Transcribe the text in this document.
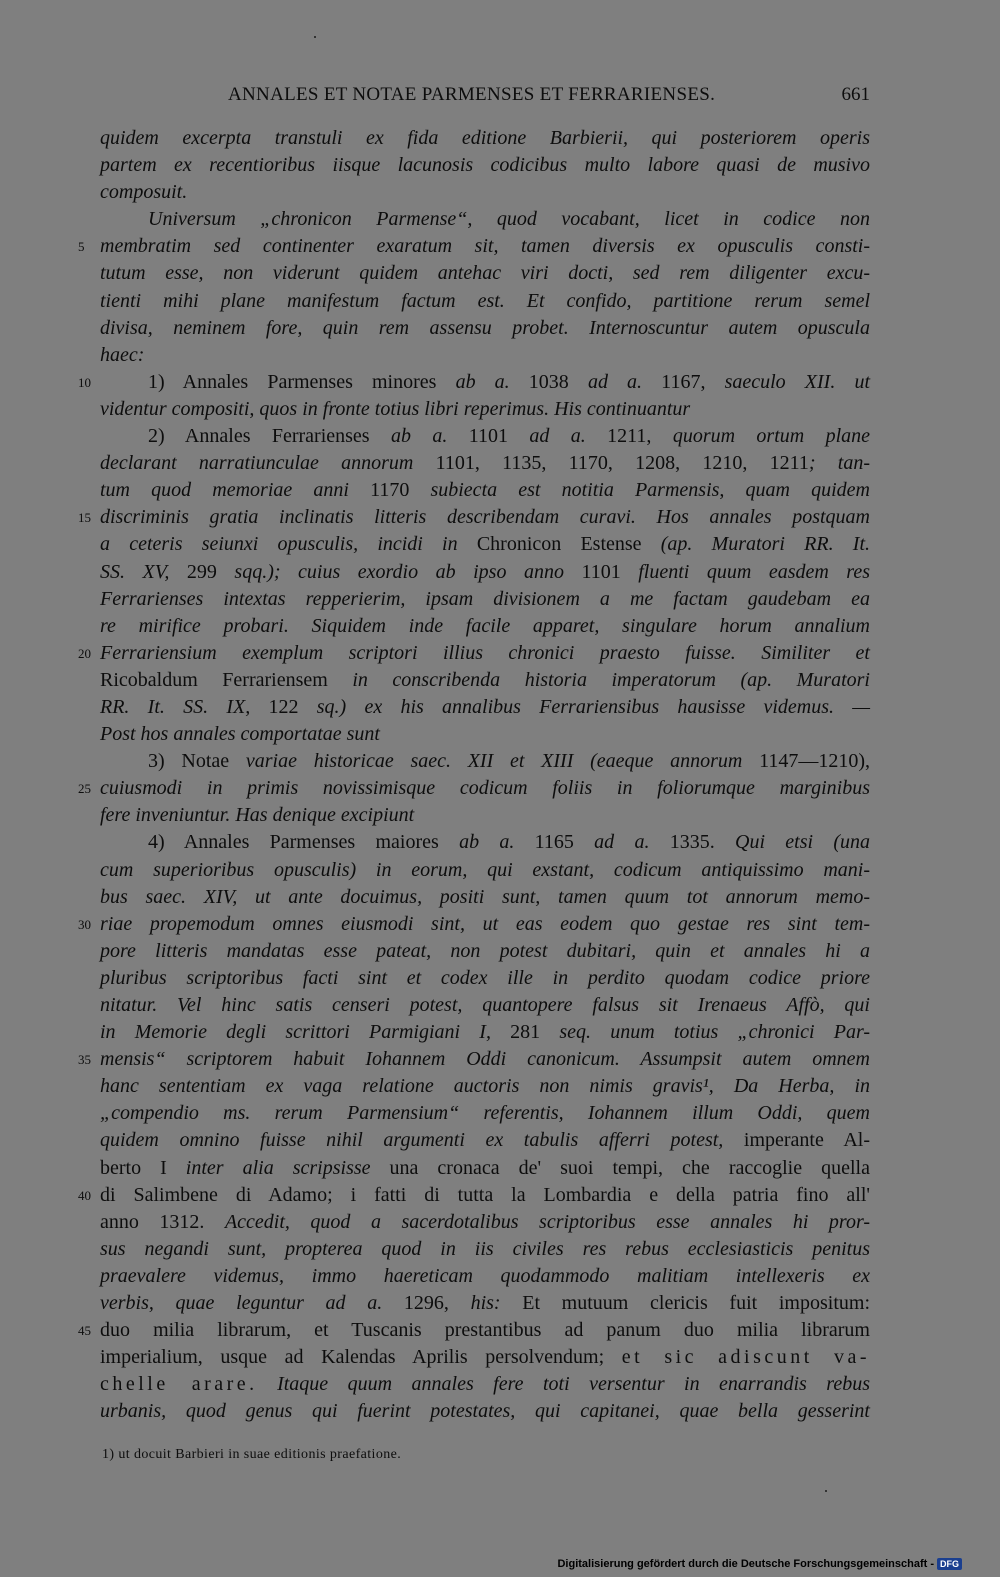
ANNALES ET NOTAE PARMENSES ET FERRARIENSES.	661
quidem excerpta transtuli ex fida editione Barbierii, qui posteriorem operis
partem ex recentioribus iisque lacunosis codicibus multo labore quasi de musivo
composuit.
Universum „chronicon Parmense“, quod vocabant, licet in codice non
5 membratim sed continenter exaratum sit, tamen diversis ex opusculis consti-
tutum esse, non viderunt quidem antehac viri docti, sed rem diligenter excu-
tienti mihi plane manifestum factum est. Et confido, partitione rerum semel
divisa, neminem fore, quin rem assensu probet. Internoscuntur autem opuscula
haec:
10	1) Annales Parmenses minores ab a. 1038 ad a. 1167, saeculo XII. ut
videntur compositi, quos in fronte totius libri reperimus. His continuantur
2) Annales Ferrarienses ab a. 1101 ad a. 1211, quorum ortum plane
declarant narratiunculae annorum 1101, 1135, 1170, 1208, 1210, 1211; tan-
tum quod memoriae anni 1170 subiecta est notitia Parmensis, quam quidem
15 discriminis gratia inclinatis litteris describendam curavi. Hos annales postquam
a ceteris seiunxi opusculis, incidi in Chronicon Estense (ap. Muratori RR. It.
SS. XV, 299 sqq.); cuius exordio ab ipso anno 1101 fluenti quum easdem res
Ferrarienses intextas repperierim, ipsam divisionem a me factam gaudebam ea
re mirifice probari. Siquidem inde facile apparet, singulare horum annalium
20 Ferrariensium exemplum scriptori illius chronici praesto fuisse. Similiter et
Ricobaldum Ferrariensem in conscribenda historia imperatorum (ap. Muratori
RR. It. SS. IX, 122 sq.) ex his annalibus Ferrariensibus hausisse videmus. —
Post hos annales comportatae sunt
3) Notae variae historicae saec. XII et XIII (eaeque annorum 1147—1210),
25 cuiusmodi in primis novissimisque codicum foliis in foliorumque marginibus
fere inveniuntur. Has denique excipiunt
4) Annales Parmenses maiores ab a. 1165 ad a. 1335. Qui etsi (una
cum superioribus opusculis) in eorum, qui exstant, codicum antiquissimo mani-
bus saec. XIV, ut ante docuimus, positi sunt, tamen quum tot annorum memo-
30 riae propemodum omnes eiusmodi sint, ut eas eodem quo gestae res sint tem-
pore litteris mandatas esse pateat, non potest dubitari, quin et annales hi a
pluribus scriptoribus facti sint et codex ille in perdito quodam codice priore
nitatur. Vel hinc satis censeri potest, quantopere falsus sit Irenaeus Affò, qui
in Memorie degli scrittori Parmigiani I, 281 seq. unum totius „chronici Par-
35 mensis“ scriptorem habuit Iohannem Oddi canonicum. Assumpsit autem omnem
hanc sententiam ex vaga relatione auctoris non nimis gravis¹, Da Herba, in
„compendio ms. rerum Parmensium“ referentis, Iohannem illum Oddi, quem
quidem omnino fuisse nihil argumenti ex tabulis afferri potest, imperante Al-
berto I inter alia scripsisse una cronaca de' suoi tempi, che raccoglie quella
40 di Salimbene di Adamo; i fatti di tutta la Lombardia e della patria fino all'
anno 1312. Accedit, quod a sacerdotalibus scriptoribus esse annales hi pror-
sus negandi sunt, propterea quod in iis civiles res rebus ecclesiasticis penitus
praevalere videmus, immo haereticam quodammodo malitiam intellexeris ex
verbis, quae leguntur ad a. 1296, his: Et mutuum clericis fuit impositum:
45 duo milia librarum, et Tuscanis prestantibus ad panum duo milia librarum
imperialium, usque ad Kalendas Aprilis persolvendum; et sic adiscunt va-
chelle arare. Itaque quum annales fere toti versentur in enarrandis rebus
urbanis, quod genus qui fuerint potestates, qui capitanei, quae bella gesserint
1) ut docuit Barbieri in suae editionis praefatione.
Digitalisierung gefördert durch die Deutsche Forschungsgemeinschaft - DFG
